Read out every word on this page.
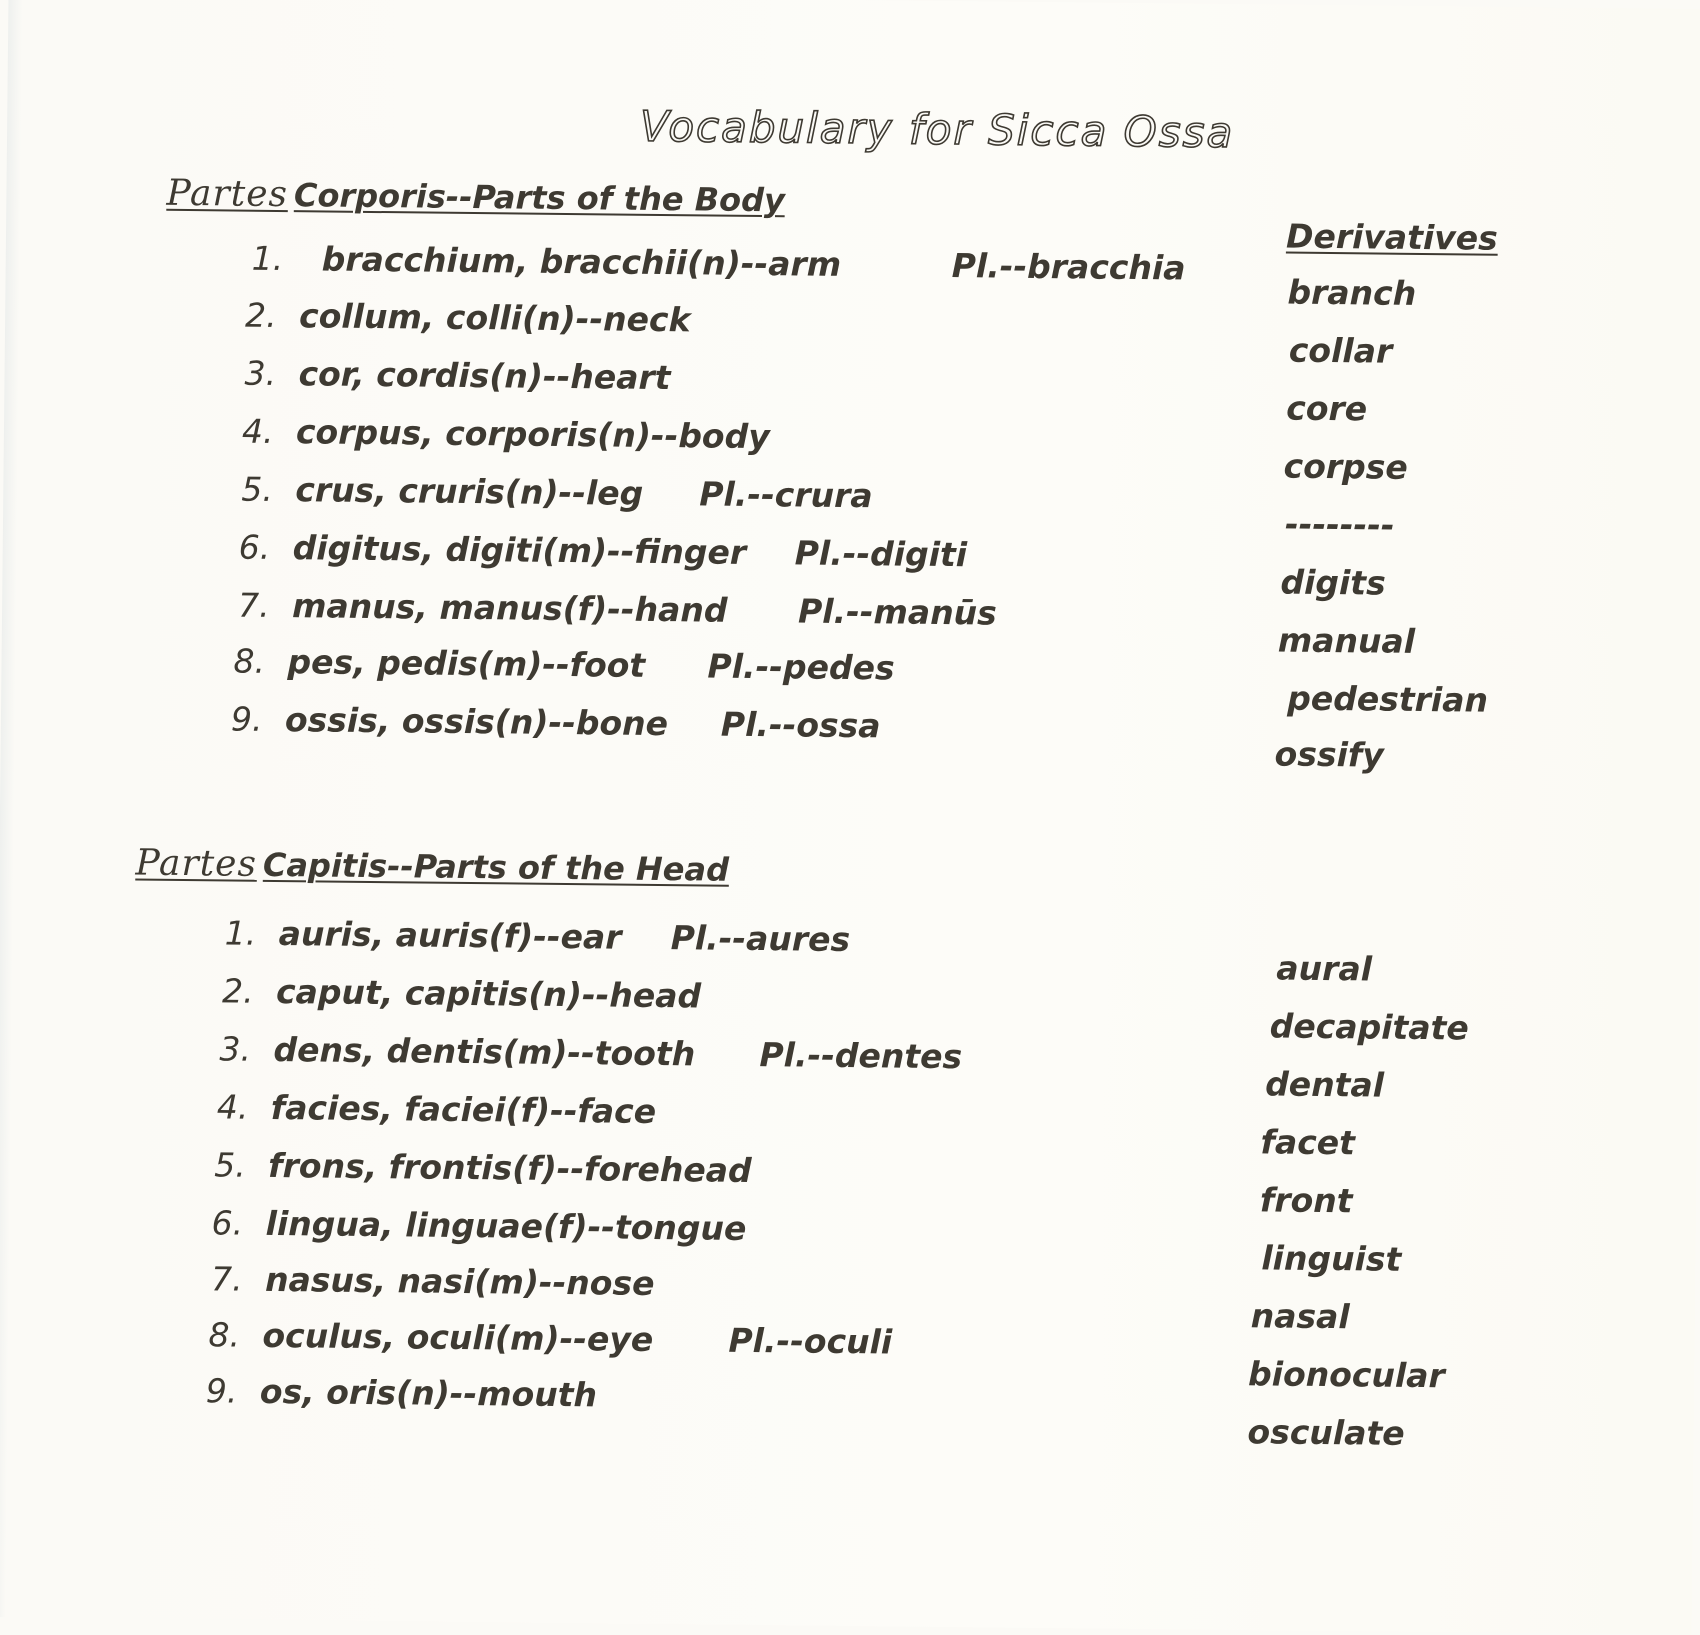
Vocabulary for Sicca Ossa
Derivatives
Partes Corporis--Parts of the Body
1. bracchium, bracchii(n)--arm	Pl.--bracchia
2. collum, colli(n)--neck
3. cor, cordis(n)--heart
4. corpus, corporis(n)--body
5. crus, cruris(n)--leg Pl.--crura
6. digitus, digiti(m)--finger Pl.--digiti
7. manus, manus(f)--hand Pl.--manūs
8. pes, pedis(m)--foot Pl.--pedes
9. ossis, ossis(n)--bone Pl.--ossa
branch
collar
core
corpse
--------
digits
manual
pedestrian
ossify
Partes Capitis--Parts of the Head
1. auris, auris(f)--ear Pl.--aures
2. caput, capitis(n)--head
3. dens, dentis(m)--tooth Pl.--dentes
4. facies, faciei(f)--face
5. frons, frontis(f)--forehead
6. lingua, linguae(f)--tongue
7. nasus, nasi(m)--nose
8. oculus, oculi(m)--eye Pl.--oculi
9. os, oris(n)--mouth
aural
decapitate
dental
facet
front
linguist
nasal
bionocular
osculate
